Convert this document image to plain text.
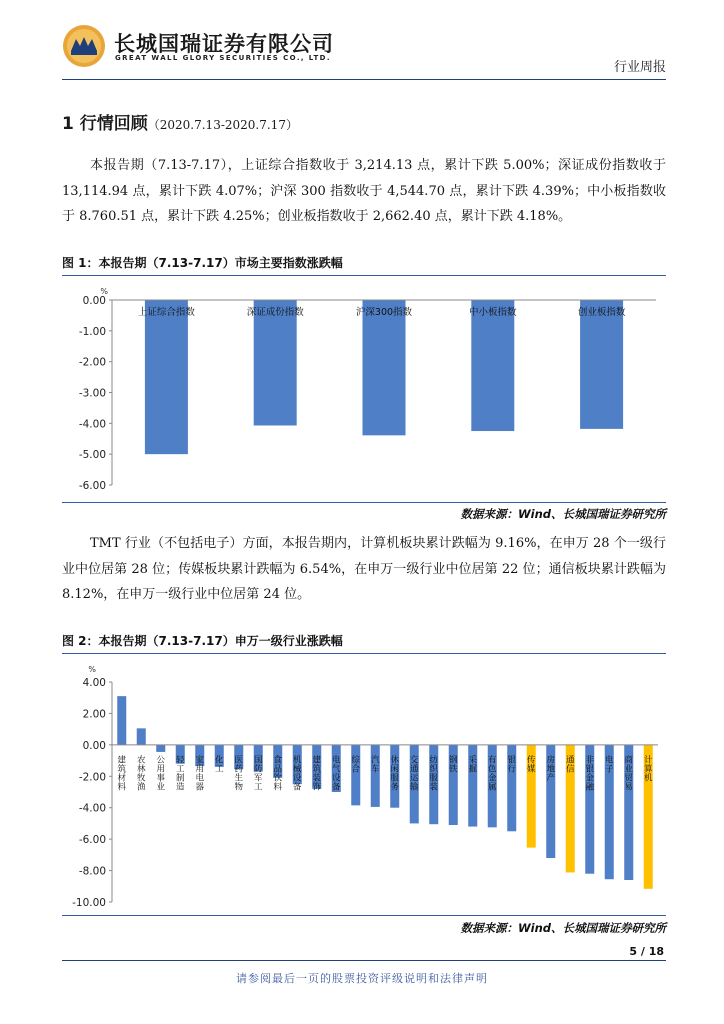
长城国瑞证券有限公司
GREAT WALL GLORY SECURITIES CO., LTD.
行业周报
1 行情回顾（2020.7.13-2020.7.17）
本报告期（7.13-7.17），上证综合指数收于 3,214.13 点，累计下跌 5.00%；深证成份指数收于 13,114.94 点，累计下跌 4.07%；沪深 300 指数收于 4,544.70 点，累计下跌 4.39%；中小板指数收于 8.760.51 点，累计下跌 4.25%；创业板指数收于 2,662.40 点，累计下跌 4.18%。
图 1：本报告期（7.13-7.17）市场主要指数涨跌幅
%
0.00
-1.00
-2.00
-3.00
-4.00
-5.00
-6.00
上证综合指数	深证成份指数	沪深300指数	中小板指数	创业板指数
数据来源：Wind、长城国瑞证券研究所
TMT 行业（不包括电子）方面，本报告期内，计算机板块累计跌幅为 9.16%，在申万 28 个一级行业中位居第 28 位；传媒板块累计跌幅为 6.54%，在申万一级行业中位居第 22 位；通信板块累计跌幅为 8.12%，在申万一级行业中位居第 24 位。
图 2：本报告期（7.13-7.17）申万一级行业涨跌幅
%
4.00
2.00
0.00
-2.00
-4.00
-6.00
-8.00
-10.00
建筑材料 农林牧渔 公用事业 轻工制造 家用电器 化工 医药生物 国防军工 食品饮料 机械设备 建筑装饰 电气设备 综合 汽车 休闲服务 交通运输 纺织服装 钢铁 采掘 有色金属 银行 传媒 房地产 通信 非银金融 电子 商业贸易 计算机
数据来源：Wind、长城国瑞证券研究所
5 / 18
请参阅最后一页的股票投资评级说明和法律声明
